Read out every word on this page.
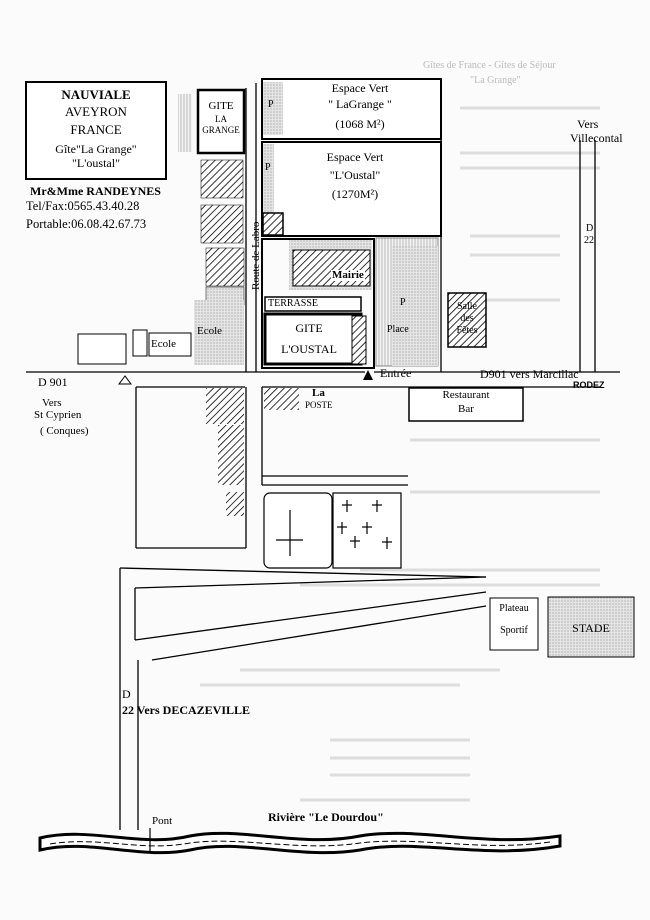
Gîtes de France - Gîtes de Séjour
"La Grange"
NAUVIALE
AVEYRON
FRANCE
Gîte"La Grange"
"L'oustal"
Mr&Mme RANDEYNES
Tel/Fax:0565.43.40.28
Portable:06.08.42.67.73
GITE
LA
GRANGE
Espace Vert
" LaGrange "
(1068 M²)
P
Espace Vert
"L'Oustal"
(1270M²)
P
Route de Labro	Mairie
TERRASSE
GITE
L'OUSTAL
P
Place
Salle
des
Fêtes
Ecole
Ecole
Entrée
D 901
Vers
St Cyprien
( Conques)
D901 vers Marcillac
RODEZ
Vers
Villecontal
D
22
La
POSTE
Restaurant
Bar
Plateau
Sportif	STADE
D
22 Vers DECAZEVILLE
Pont	Rivière "Le Dourdou"
